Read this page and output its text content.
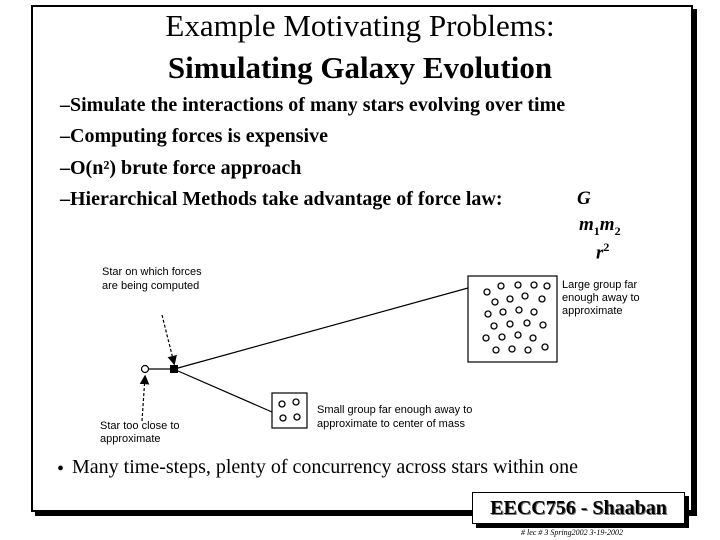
Example Motivating Problems:
Simulating Galaxy Evolution
–Simulate the interactions of many stars evolving over time
–Computing forces is expensive
–O(n²) brute force approach
–Hierarchical Methods take advantage of force law:	G
$m_1m_2$
$r^2$
Star on which forces
are being computed	Large group far
enough away to
approximate
Small group far enough away to
approximate to center of mass
Star too close to
approximate
• Many time-steps, plenty of concurrency across stars within one
EECC756 - Shaaban
# lec # 3 Spring2002 3-19-2002
